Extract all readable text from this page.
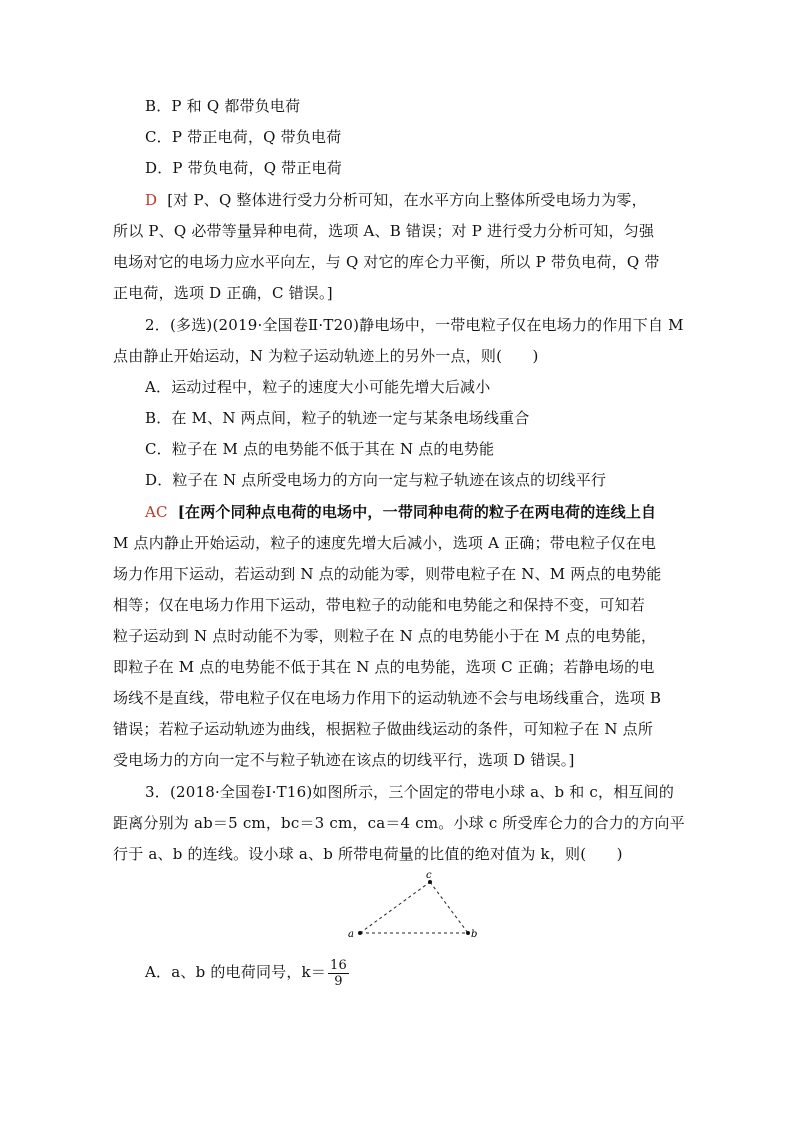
B．P 和 Q 都带负电荷
C．P 带正电荷，Q 带负电荷
D．P 带负电荷，Q 带正电荷
D [对 P、Q 整体进行受力分析可知，在水平方向上整体所受电场力为零，
所以 P、Q 必带等量异种电荷，选项 A、B 错误；对 P 进行受力分析可知，匀强
电场对它的电场力应水平向左，与 Q 对它的库仑力平衡，所以 P 带负电荷，Q 带
正电荷，选项 D 正确，C 错误。]
2．(多选)(2019·全国卷Ⅱ·T20)静电场中，一带电粒子仅在电场力的作用下自 M
点由静止开始运动，N 为粒子运动轨迹上的另外一点，则(　　)
A．运动过程中，粒子的速度大小可能先增大后减小
B．在 M、N 两点间，粒子的轨迹一定与某条电场线重合
C．粒子在 M 点的电势能不低于其在 N 点的电势能
D．粒子在 N 点所受电场力的方向一定与粒子轨迹在该点的切线平行
AC [在两个同种点电荷的电场中，一带同种电荷的粒子在两电荷的连线上自
M 点内静止开始运动，粒子的速度先增大后减小，选项 A 正确；带电粒子仅在电
场力作用下运动，若运动到 N 点的动能为零，则带电粒子在 N、M 两点的电势能
相等；仅在电场力作用下运动，带电粒子的动能和电势能之和保持不变，可知若
粒子运动到 N 点时动能不为零，则粒子在 N 点的电势能小于在 M 点的电势能，
即粒子在 M 点的电势能不低于其在 N 点的电势能，选项 C 正确；若静电场的电
场线不是直线，带电粒子仅在电场力作用下的运动轨迹不会与电场线重合，选项 B
错误；若粒子运动轨迹为曲线，根据粒子做曲线运动的条件，可知粒子在 N 点所
受电场力的方向一定不与粒子轨迹在该点的切线平行，选项 D 错误。]
3．(2018·全国卷Ⅰ·T16)如图所示，三个固定的带电小球 a、b 和 c，相互间的
距离分别为 ab＝5 cm，bc＝3 cm，ca＝4 cm。小球 c 所受库仑力的合力的方向平
行于 a、b 的连线。设小球 a、b 所带电荷量的比值的绝对值为 k，则(　　)
a	b
c
A．a、b 的电荷同号，$k= \frac{16}{9}$
